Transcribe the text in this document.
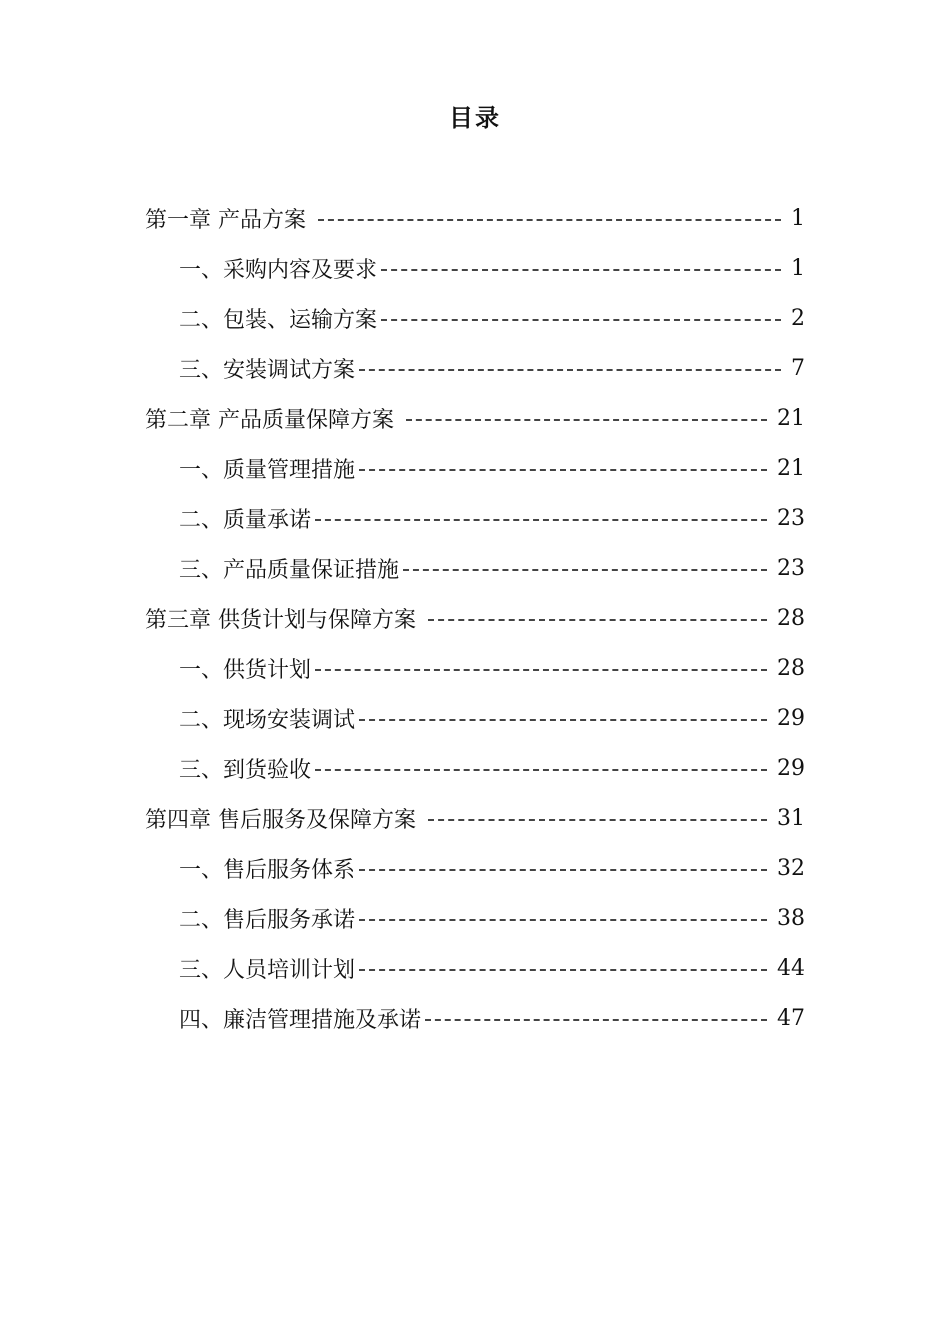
目录
第一章 产品方案	1
一、采购内容及要求	1
二、包装、运输方案	2
三、安装调试方案	7
第二章 产品质量保障方案	21
一、质量管理措施	21
二、质量承诺	23
三、产品质量保证措施	23
第三章 供货计划与保障方案	28
一、供货计划	28
二、现场安装调试	29
三、到货验收	29
第四章 售后服务及保障方案	31
一、售后服务体系	32
二、售后服务承诺	38
三、人员培训计划	44
四、廉洁管理措施及承诺	47
